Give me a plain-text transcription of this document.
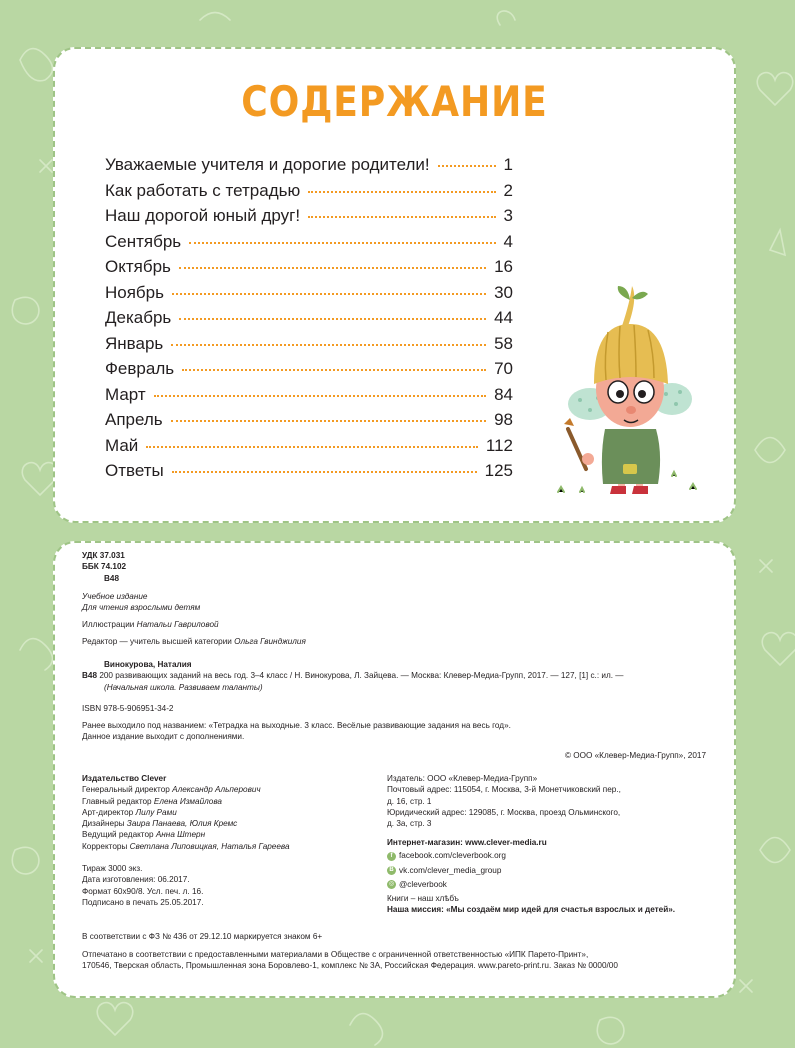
СОДЕРЖАНИЕ
Уважаемые учителя и дорогие родители!	1
Как работать с тетрадью	2
Наш дорогой юный друг!	3
Сентябрь	4
Октябрь	16
Ноябрь	30
Декабрь	44
Январь	58
Февраль	70
Март	84
Апрель	98
Май	112
Ответы	125
УДК 37.031
ББК 74.102
В48
Учебное издание
Для чтения взрослыми детям
Иллюстрации Натальи Гавриловой
Редактор — учитель высшей категории Ольга Гвинджилия
Винокурова, Наталия
В48 200 развивающих заданий на весь год. 3–4 класс / Н. Винокурова, Л. Зайцева. — Москва: Клевер-Медиа-Групп, 2017. — 127, [1] с.: ил. —
(Начальная школа. Развиваем таланты)
ISBN 978-5-906951-34-2
Ранее выходило под названием: «Тетрадка на выходные. 3 класс. Весёлые развивающие задания на весь год».
Данное издание выходит с дополнениями.
© ООО «Клевер-Медиа-Групп», 2017
Издательство Clever

Генеральный директор Александр Альперович
Главный редактор Елена Измайлова
Арт-директор Лилу Рами
Дизайнеры Заира Панаева, Юлия Кремс
Ведущий редактор Анна Штерн
Корректоры Светлана Липовицкая, Наталья Гареева
Тираж 3000 экз.
Дата изготовления: 06.2017.
Формат 60х90/8. Усл. печ. л. 16.
Подписано в печать 25.05.2017.
Издатель: ООО «Клевер-Медиа-Групп»
Почтовый адрес: 115054, г. Москва, 3-й Монетчиковский пер.,
д. 16, стр. 1
Юридический адрес: 129085, г. Москва, проезд Ольминского,
д. 3а, стр. 3
Интернет-магазин: www.clever-media.ru
f facebook.com/cleverbook.org
В vk.com/clever_media_group
◎ @cleverbook
Книги – наш хлѣбъ
Наша миссия: «Мы создаём мир идей для счастья взрослых и детей».
В соответствии с ФЗ № 436 от 29.12.10 маркируется знаком 6+
Отпечатано в соответствии с предоставленными материалами в Обществе с ограниченной ответственностью «ИПК Парето-Принт»,
170546, Тверская область, Промышленная зона Боровлево-1, комплекс № 3А, Российская Федерация. www.pareto-print.ru. Заказ № 0000/00
